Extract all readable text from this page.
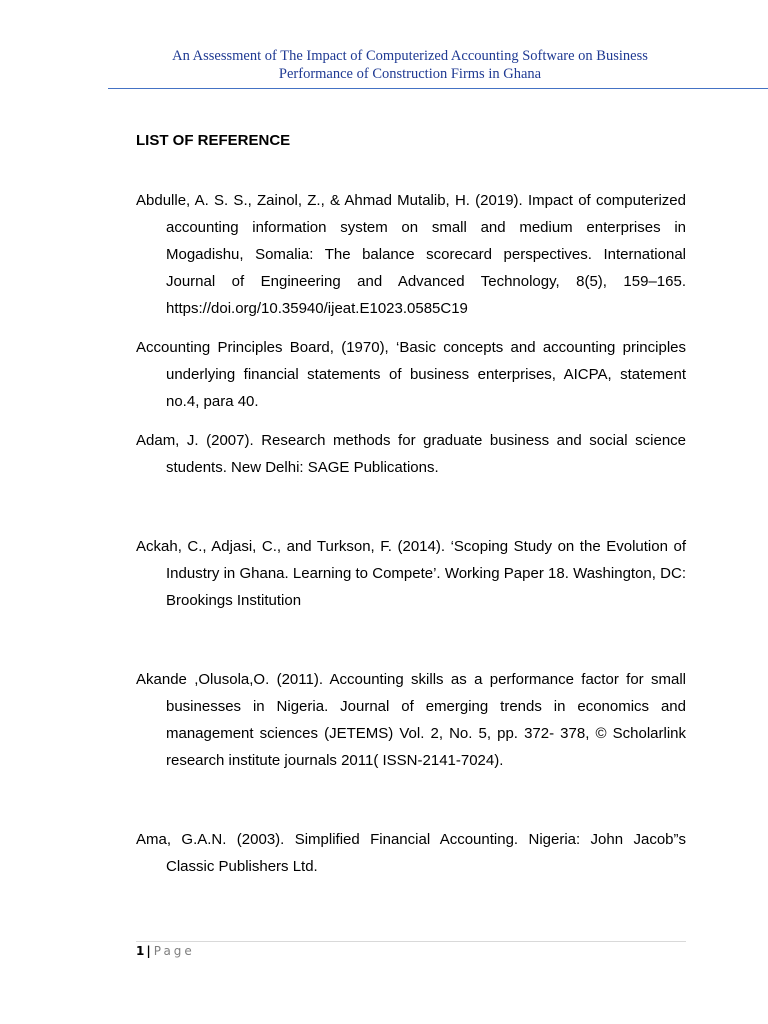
An Assessment of The Impact of Computerized Accounting Software on Business
Performance of Construction Firms in Ghana
LIST OF REFERENCE

Abdulle, A. S. S., Zainol, Z., & Ahmad Mutalib, H. (2019). Impact of computerized accounting information system on small and medium enterprises in Mogadishu, Somalia: The balance scorecard perspectives. International Journal of Engineering and Advanced Technology, 8(5), 159–165. https://doi.org/10.35940/ijeat.E1023.0585C19

Accounting Principles Board, (1970), ‘Basic concepts and accounting principles underlying financial statements of business enterprises, AICPA, statement no.4, para 40.

Adam, J. (2007). Research methods for graduate business and social science students. New Delhi: SAGE Publications.

Ackah, C., Adjasi, C., and Turkson, F. (2014). ‘Scoping Study on the Evolution of Industry in Ghana. Learning to Compete’. Working Paper 18. Washington, DC: Brookings Institution

Akande ,Olusola,O. (2011). Accounting skills as a performance factor for small businesses in Nigeria. Journal of emerging trends in economics and management sciences (JETEMS) Vol. 2, No. 5, pp. 372- 378, © Scholarlink research institute journals 2011( ISSN-2141-7024).

Ama, G.A.N. (2003). Simplified Financial Accounting. Nigeria: John Jacob”s Classic Publishers Ltd.

1 | Page
